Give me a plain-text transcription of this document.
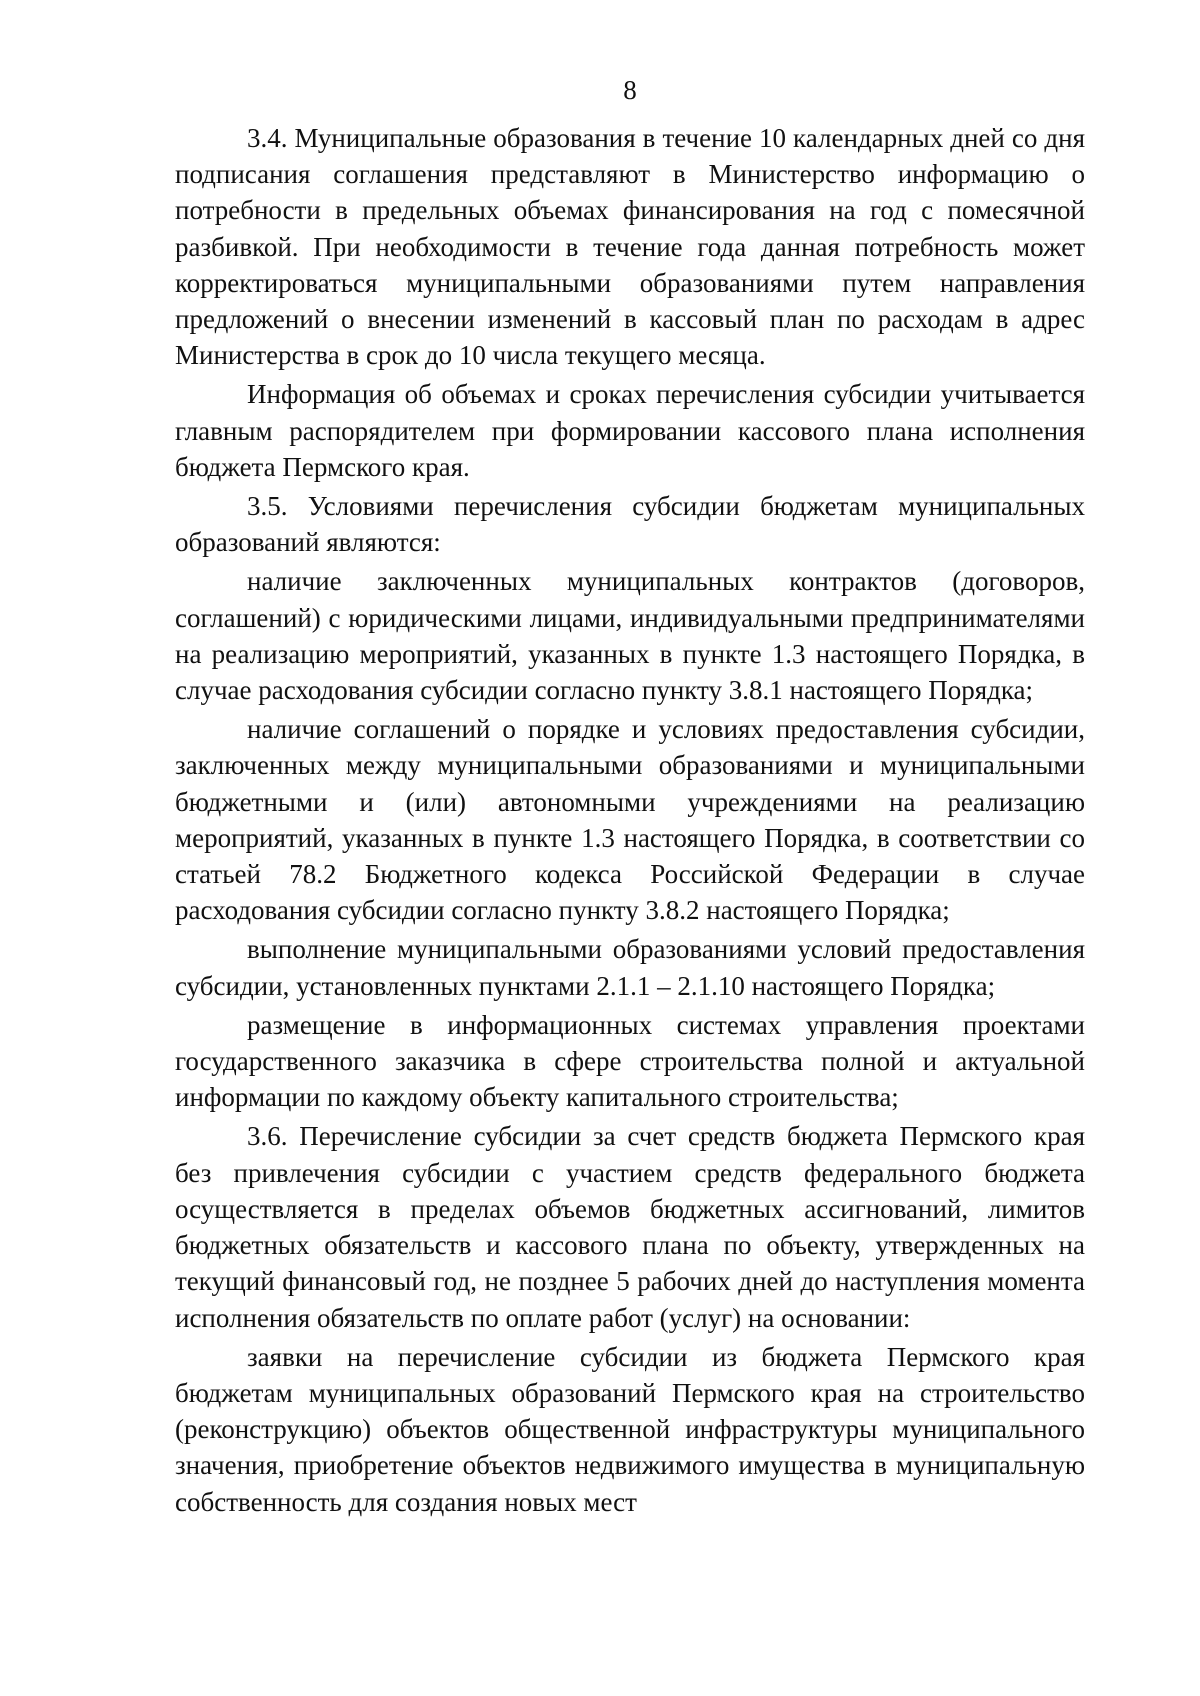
8

3.4. Муниципальные образования в течение 10 календарных дней со дня подписания соглашения представляют в Министерство информацию о потребности в предельных объемах финансирования на год с помесячной разбивкой. При необходимости в течение года данная потребность может корректироваться муниципальными образованиями путем направления предложений о внесении изменений в кассовый план по расходам в адрес Министерства в срок до 10 числа текущего месяца.

Информация об объемах и сроках перечисления субсидии учитывается главным распорядителем при формировании кассового плана исполнения бюджета Пермского края.

3.5. Условиями перечисления субсидии бюджетам муниципальных образований являются:

наличие заключенных муниципальных контрактов (договоров, соглашений) с юридическими лицами, индивидуальными предпринимателями на реализацию мероприятий, указанных в пункте 1.3 настоящего Порядка, в случае расходования субсидии согласно пункту 3.8.1 настоящего Порядка;

наличие соглашений о порядке и условиях предоставления субсидии, заключенных между муниципальными образованиями и муниципальными бюджетными и (или) автономными учреждениями на реализацию мероприятий, указанных в пункте 1.3 настоящего Порядка, в соответствии со статьей 78.2 Бюджетного кодекса Российской Федерации в случае расходования субсидии согласно пункту 3.8.2 настоящего Порядка;

выполнение муниципальными образованиями условий предоставления субсидии, установленных пунктами 2.1.1 – 2.1.10 настоящего Порядка;

размещение в информационных системах управления проектами государственного заказчика в сфере строительства полной и актуальной информации по каждому объекту капитального строительства;

3.6. Перечисление субсидии за счет средств бюджета Пермского края без привлечения субсидии с участием средств федерального бюджета осуществляется в пределах объемов бюджетных ассигнований, лимитов бюджетных обязательств и кассового плана по объекту, утвержденных на текущий финансовый год, не позднее 5 рабочих дней до наступления момента исполнения обязательств по оплате работ (услуг) на основании:

заявки на перечисление субсидии из бюджета Пермского края бюджетам муниципальных образований Пермского края на строительство (реконструкцию) объектов общественной инфраструктуры муниципального значения, приобретение объектов недвижимого имущества в муниципальную собственность для создания новых мест
